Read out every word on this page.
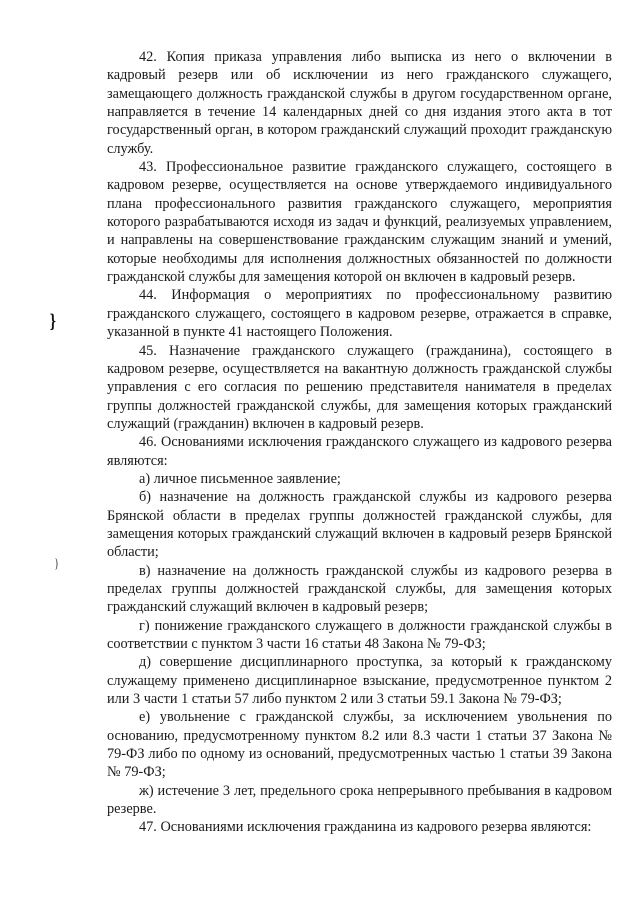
}
)

42. Копия приказа управления либо выписка из него о включении в кадровый резерв или об исключении из него гражданского служащего, замещающего должность гражданской службы в другом государственном органе, направляется в течение 14 календарных дней со дня издания этого акта в тот государственный орган, в котором гражданский служащий проходит гражданскую службу.

43. Профессиональное развитие гражданского служащего, состоящего в кадровом резерве, осуществляется на основе утверждаемого индивидуального плана профессионального развития гражданского служащего, мероприятия которого разрабатываются исходя из задач и функций, реализуемых управлением, и направлены на совершенствование гражданским служащим знаний и умений, которые необходимы для исполнения должностных обязанностей по должности гражданской службы для замещения которой он включен в кадровый резерв.

44. Информация о мероприятиях по профессиональному развитию гражданского служащего, состоящего в кадровом резерве, отражается в справке, указанной в пункте 41 настоящего Положения.

45. Назначение гражданского служащего (гражданина), состоящего в кадровом резерве, осуществляется на вакантную должность гражданской службы управления с его согласия по решению представителя нанимателя в пределах группы должностей гражданской службы, для замещения которых гражданский служащий (гражданин) включен в кадровый резерв.

46. Основаниями исключения гражданского служащего из кадрового резерва являются:

а) личное письменное заявление;

б) назначение на должность гражданской службы из кадрового резерва Брянской области в пределах группы должностей гражданской службы, для замещения которых гражданский служащий включен в кадровый резерв Брянской области;

в) назначение на должность гражданской службы из кадрового резерва в пределах группы должностей гражданской службы, для замещения которых гражданский служащий включен в кадровый резерв;

г) понижение гражданского служащего в должности гражданской службы в соответствии с пунктом 3 части 16 статьи 48 Закона № 79-ФЗ;

д) совершение дисциплинарного проступка, за который к гражданскому служащему применено дисциплинарное взыскание, предусмотренное пунктом 2 или 3 части 1 статьи 57 либо пунктом 2 или 3 статьи 59.1 Закона № 79-ФЗ;

е) увольнение с гражданской службы, за исключением увольнения по основанию, предусмотренному пунктом 8.2 или 8.3 части 1 статьи 37 Закона № 79-ФЗ либо по одному из оснований, предусмотренных частью 1 статьи 39 Закона № 79-ФЗ;

ж) истечение 3 лет, предельного срока непрерывного пребывания в кадровом резерве.

47. Основаниями исключения гражданина из кадрового резерва являются:
